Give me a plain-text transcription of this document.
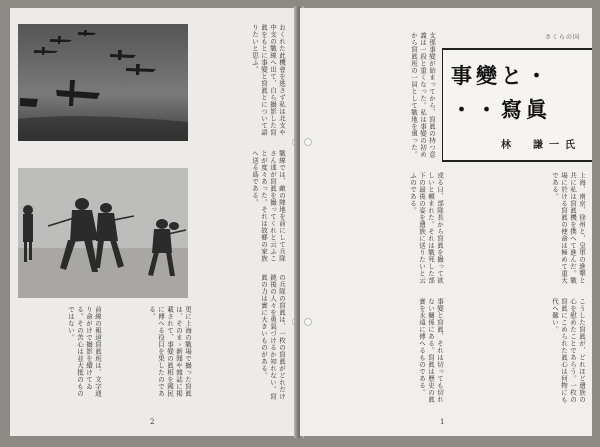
おくれた此機會を逃さず私は北支や中支の戰線へ出て、自ら撮影した寫眞をもとに事變と寫眞とについて語りたいと思ふ。
戰線では、敵の陣地を前にして兵隊さん達が寫眞を撮ってくれと云ふことが度々あった。それは故郷の家族へ送る爲である。
の兵隊の寫眞は、一枚の寫眞がどれだけ銃後の人々を勇氣づけるか知れない。寫眞の力は實に大きいものがある。
更に上海の戰場で撮った寫眞は、そのまゝ新聞や雜誌に掲載されて、事變の眞相を國民に傳へる役目を果したのである。
前線の報道寫眞班は、文字通り命がけで撮影を續けてゐる。その苦心は並大抵のものではない。
2
さくらの国
事變と・
・・寫眞
林　謙一氏
支那事變が始まってから、寫眞の持つ意義は一段と重くなった。私は事變の初めから寫眞班の一員として戰地を廻った。
上海、南京、徐州と、皇軍の進撃と共に私は寫眞機を携へて進んだ。戰場に於ける寫眞の使命は極めて重大である。
或る日、部隊長から寫眞を撮って欲しいと頼まれた。それは戰死した部下の最後の姿を遺族に送りたいと云ふのである。
こうした寫眞が、どれほど遺族の心を慰めたことであらう。一枚の寫眞にこめられた眞心は何物にも代へ難い。
事變と寫眞、それは切っても切れない關係にある。寫眞は歷史の眞實を永遠に傳へるものである。
1
